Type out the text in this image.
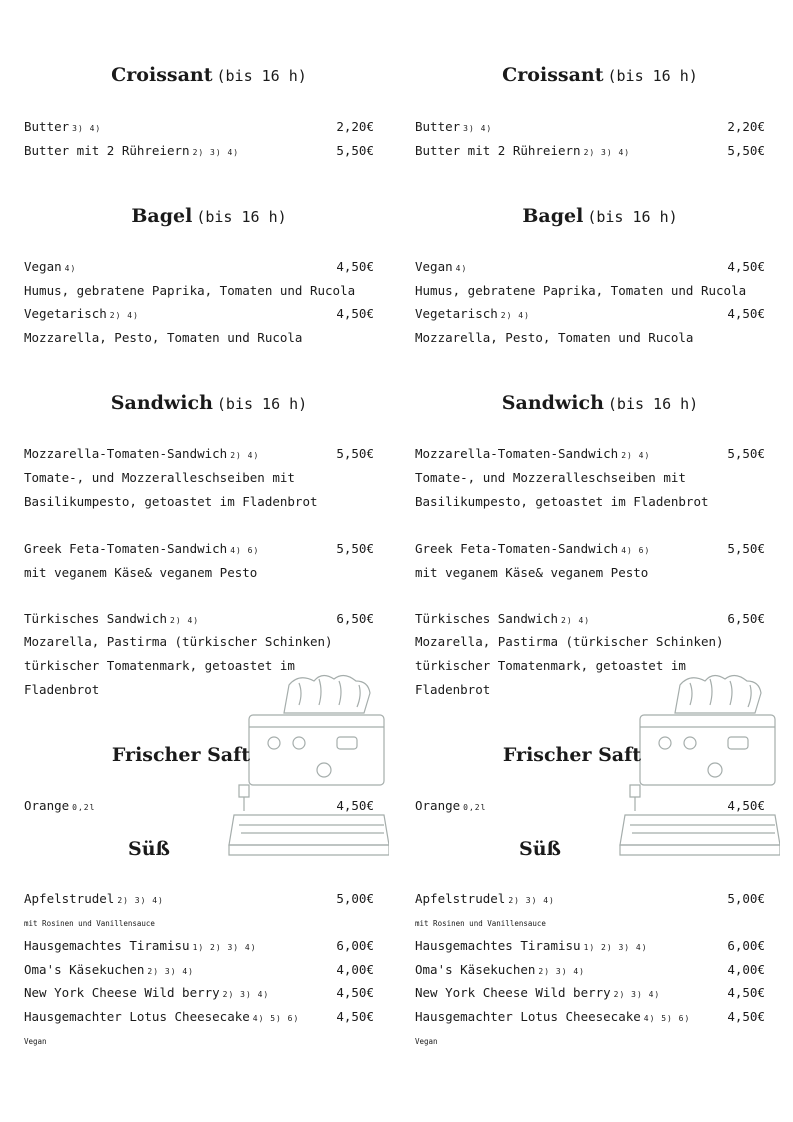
Croissant (bis 16 h)
Butter 3) 4)	2,20€
Butter mit 2 Rühreiern 2) 3) 4)	5,50€
Bagel (bis 16 h)
Vegan 4)	4,50€
Humus, gebratene Paprika, Tomaten und Rucola
Vegetarisch 2) 4)	4,50€
Mozzarella, Pesto, Tomaten und Rucola
Sandwich (bis 16 h)
Mozzarella-Tomaten-Sandwich 2) 4)	5,50€
Tomate-, und Mozzeralleschseiben mit
Basilikumpesto, getoastet im Fladenbrot
Greek Feta-Tomaten-Sandwich 4) 6)	5,50€
mit veganem Käse& veganem Pesto
Türkisches Sandwich 2) 4)	6,50€
Mozarella, Pastirma (türkischer Schinken)
türkischer Tomatenmark, getoastet im
Fladenbrot
Frischer Saft
Orange 0,2l	4,50€
Süß
Apfelstrudel 2) 3) 4)	5,00€
mit Rosinen und Vanillensauce
Hausgemachtes Tiramisu 1) 2) 3) 4)	6,00€
Oma's Käsekuchen 2) 3) 4)	4,00€
New York Cheese Wild berry 2) 3) 4)	4,50€
Hausgemachter Lotus Cheesecake 4) 5) 6)	4,50€
Vegan
Croissant (bis 16 h)
Butter 3) 4)	2,20€
Butter mit 2 Rühreiern 2) 3) 4)	5,50€
Bagel (bis 16 h)
Vegan 4)	4,50€
Humus, gebratene Paprika, Tomaten und Rucola
Vegetarisch 2) 4)	4,50€
Mozzarella, Pesto, Tomaten und Rucola
Sandwich (bis 16 h)
Mozzarella-Tomaten-Sandwich 2) 4)	5,50€
Tomate-, und Mozzeralleschseiben mit
Basilikumpesto, getoastet im Fladenbrot
Greek Feta-Tomaten-Sandwich 4) 6)	5,50€
mit veganem Käse& veganem Pesto
Türkisches Sandwich 2) 4)	6,50€
Mozarella, Pastirma (türkischer Schinken)
türkischer Tomatenmark, getoastet im
Fladenbrot
Frischer Saft
Orange 0,2l	4,50€
Süß
Apfelstrudel 2) 3) 4)	5,00€
mit Rosinen und Vanillensauce
Hausgemachtes Tiramisu 1) 2) 3) 4)	6,00€
Oma's Käsekuchen 2) 3) 4)	4,00€
New York Cheese Wild berry 2) 3) 4)	4,50€
Hausgemachter Lotus Cheesecake 4) 5) 6)	4,50€
Vegan
